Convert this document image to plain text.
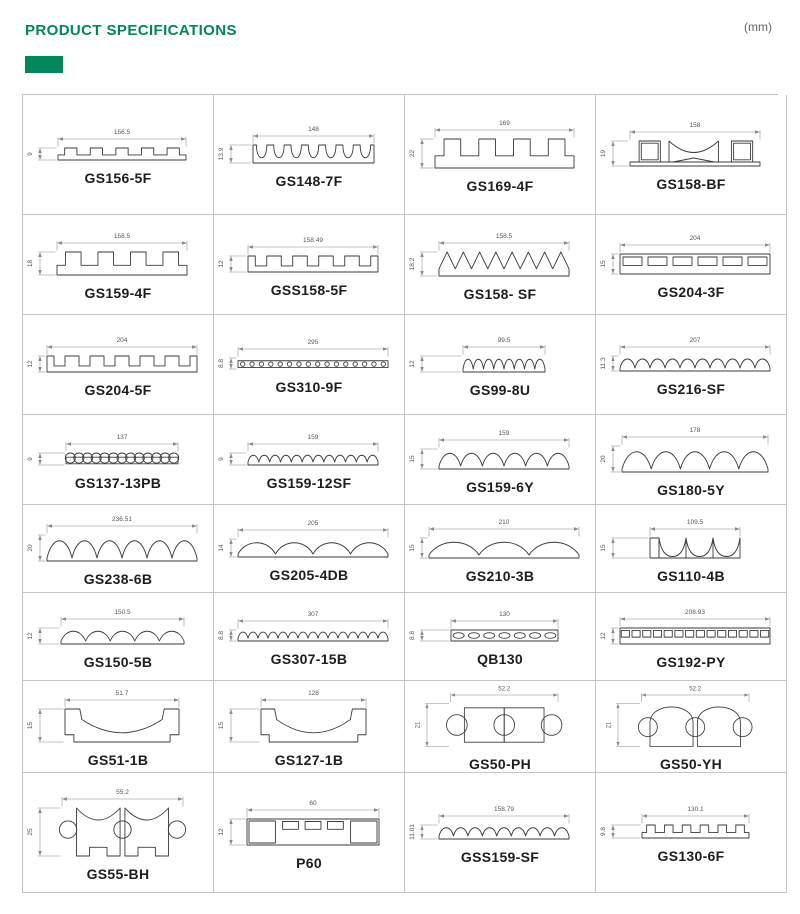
PRODUCT SPECIFICATIONS	(mm)
156.5
9
GS156-5F
148
13.9
GS148-7F
169
22
GS169-4F
158
19
GS158-BF
158.5
18
GS159-4F
158.49
12
GSS158-5F
158.5
18.2
GS158- SF
204
15
GS204-3F
204
12
GS204-5F
295
8.8
GS310-9F
99.5
12
GS99-8U
207
11.3
GS216-SF
137
9
GS137-13PB
159
9
GS159-12SF
159
15
GS159-6Y
178
20
GS180-5Y
236.51
20
GS238-6B
205
14
GS205-4DB
210
15
GS210-3B
109.5
15
GS110-4B
150.5
12
GS150-5B
307
8.8
GS307-15B
130
8.8
QB130
208.93
12
GS192-PY
51.7
15
GS51-1B
128
15
GS127-1B
52.2
21
GS50-PH
52.2
21
GS50-YH
55.2
25
GS55-BH
60
12
P60
158.79
11.01
GSS159-SF
130.1
9.8
GS130-6F
